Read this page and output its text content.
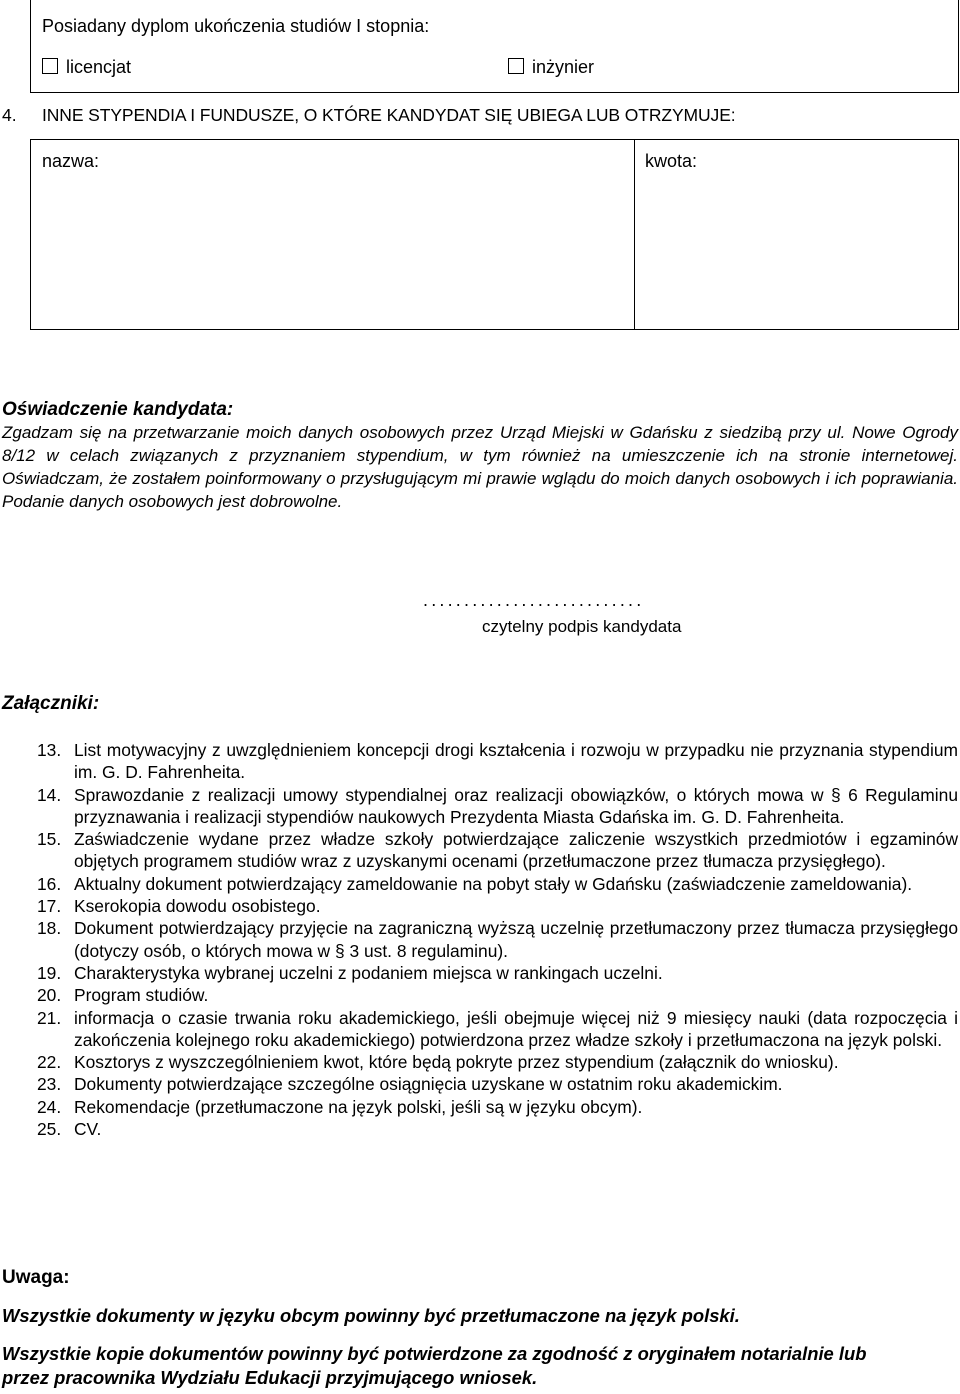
Posiadany dyplom ukończenia studiów I stopnia:
licencjat	inżynier
4. INNE STYPENDIA I FUNDUSZE, O KTÓRE KANDYDAT SIĘ UBIEGA LUB OTRZYMUJE:
nazwa:	kwota:
Oświadczenie kandydata:
Zgadzam się na przetwarzanie moich danych osobowych przez Urząd Miejski w Gdańsku z siedzibą przy ul. Nowe Ogrody 8/12 w celach związanych z przyznaniem stypendium, w tym również na umieszczenie ich na stronie internetowej. Oświadczam, że zostałem poinformowany o przysługującym mi prawie wglądu do moich danych osobowych i ich poprawiania. Podanie danych osobowych jest dobrowolne.
...........................
czytelny podpis kandydata
Załączniki:
13. List motywacyjny z uwzględnieniem koncepcji drogi kształcenia i rozwoju w przypadku nie przyznania stypendium im. G. D. Fahrenheita.
14. Sprawozdanie z realizacji umowy stypendialnej oraz realizacji obowiązków, o których mowa w § 6 Regulaminu przyznawania i realizacji stypendiów naukowych Prezydenta Miasta Gdańska im. G. D. Fahrenheita.
15. Zaświadczenie wydane przez władze szkoły potwierdzające zaliczenie wszystkich przedmiotów i egzaminów objętych programem studiów wraz z uzyskanymi ocenami (przetłumaczone przez tłumacza przysięgłego).
16. Aktualny dokument potwierdzający zameldowanie na pobyt stały w Gdańsku (zaświadczenie zameldowania).
17. Kserokopia dowodu osobistego.
18. Dokument potwierdzający przyjęcie na zagraniczną wyższą uczelnię przetłumaczony przez tłumacza przysięgłego (dotyczy osób, o których mowa w § 3 ust. 8 regulaminu).
19. Charakterystyka wybranej uczelni z podaniem miejsca w rankingach uczelni.
20. Program studiów.
21. informacja o czasie trwania roku akademickiego, jeśli obejmuje więcej niż 9 miesięcy nauki (data rozpoczęcia i zakończenia kolejnego roku akademickiego) potwierdzona przez władze szkoły i przetłumaczona na język polski.
22. Kosztorys z wyszczególnieniem kwot, które będą pokryte przez stypendium (załącznik do wniosku).
23. Dokumenty potwierdzające szczególne osiągnięcia uzyskane w ostatnim roku akademickim.
24. Rekomendacje (przetłumaczone na język polski, jeśli są w języku obcym).
25. CV.
Uwaga:
Wszystkie dokumenty w języku obcym powinny być przetłumaczone na język polski.
Wszystkie kopie dokumentów powinny być potwierdzone za zgodność z oryginałem notarialnie lub przez pracownika Wydziału Edukacji przyjmującego wniosek.
